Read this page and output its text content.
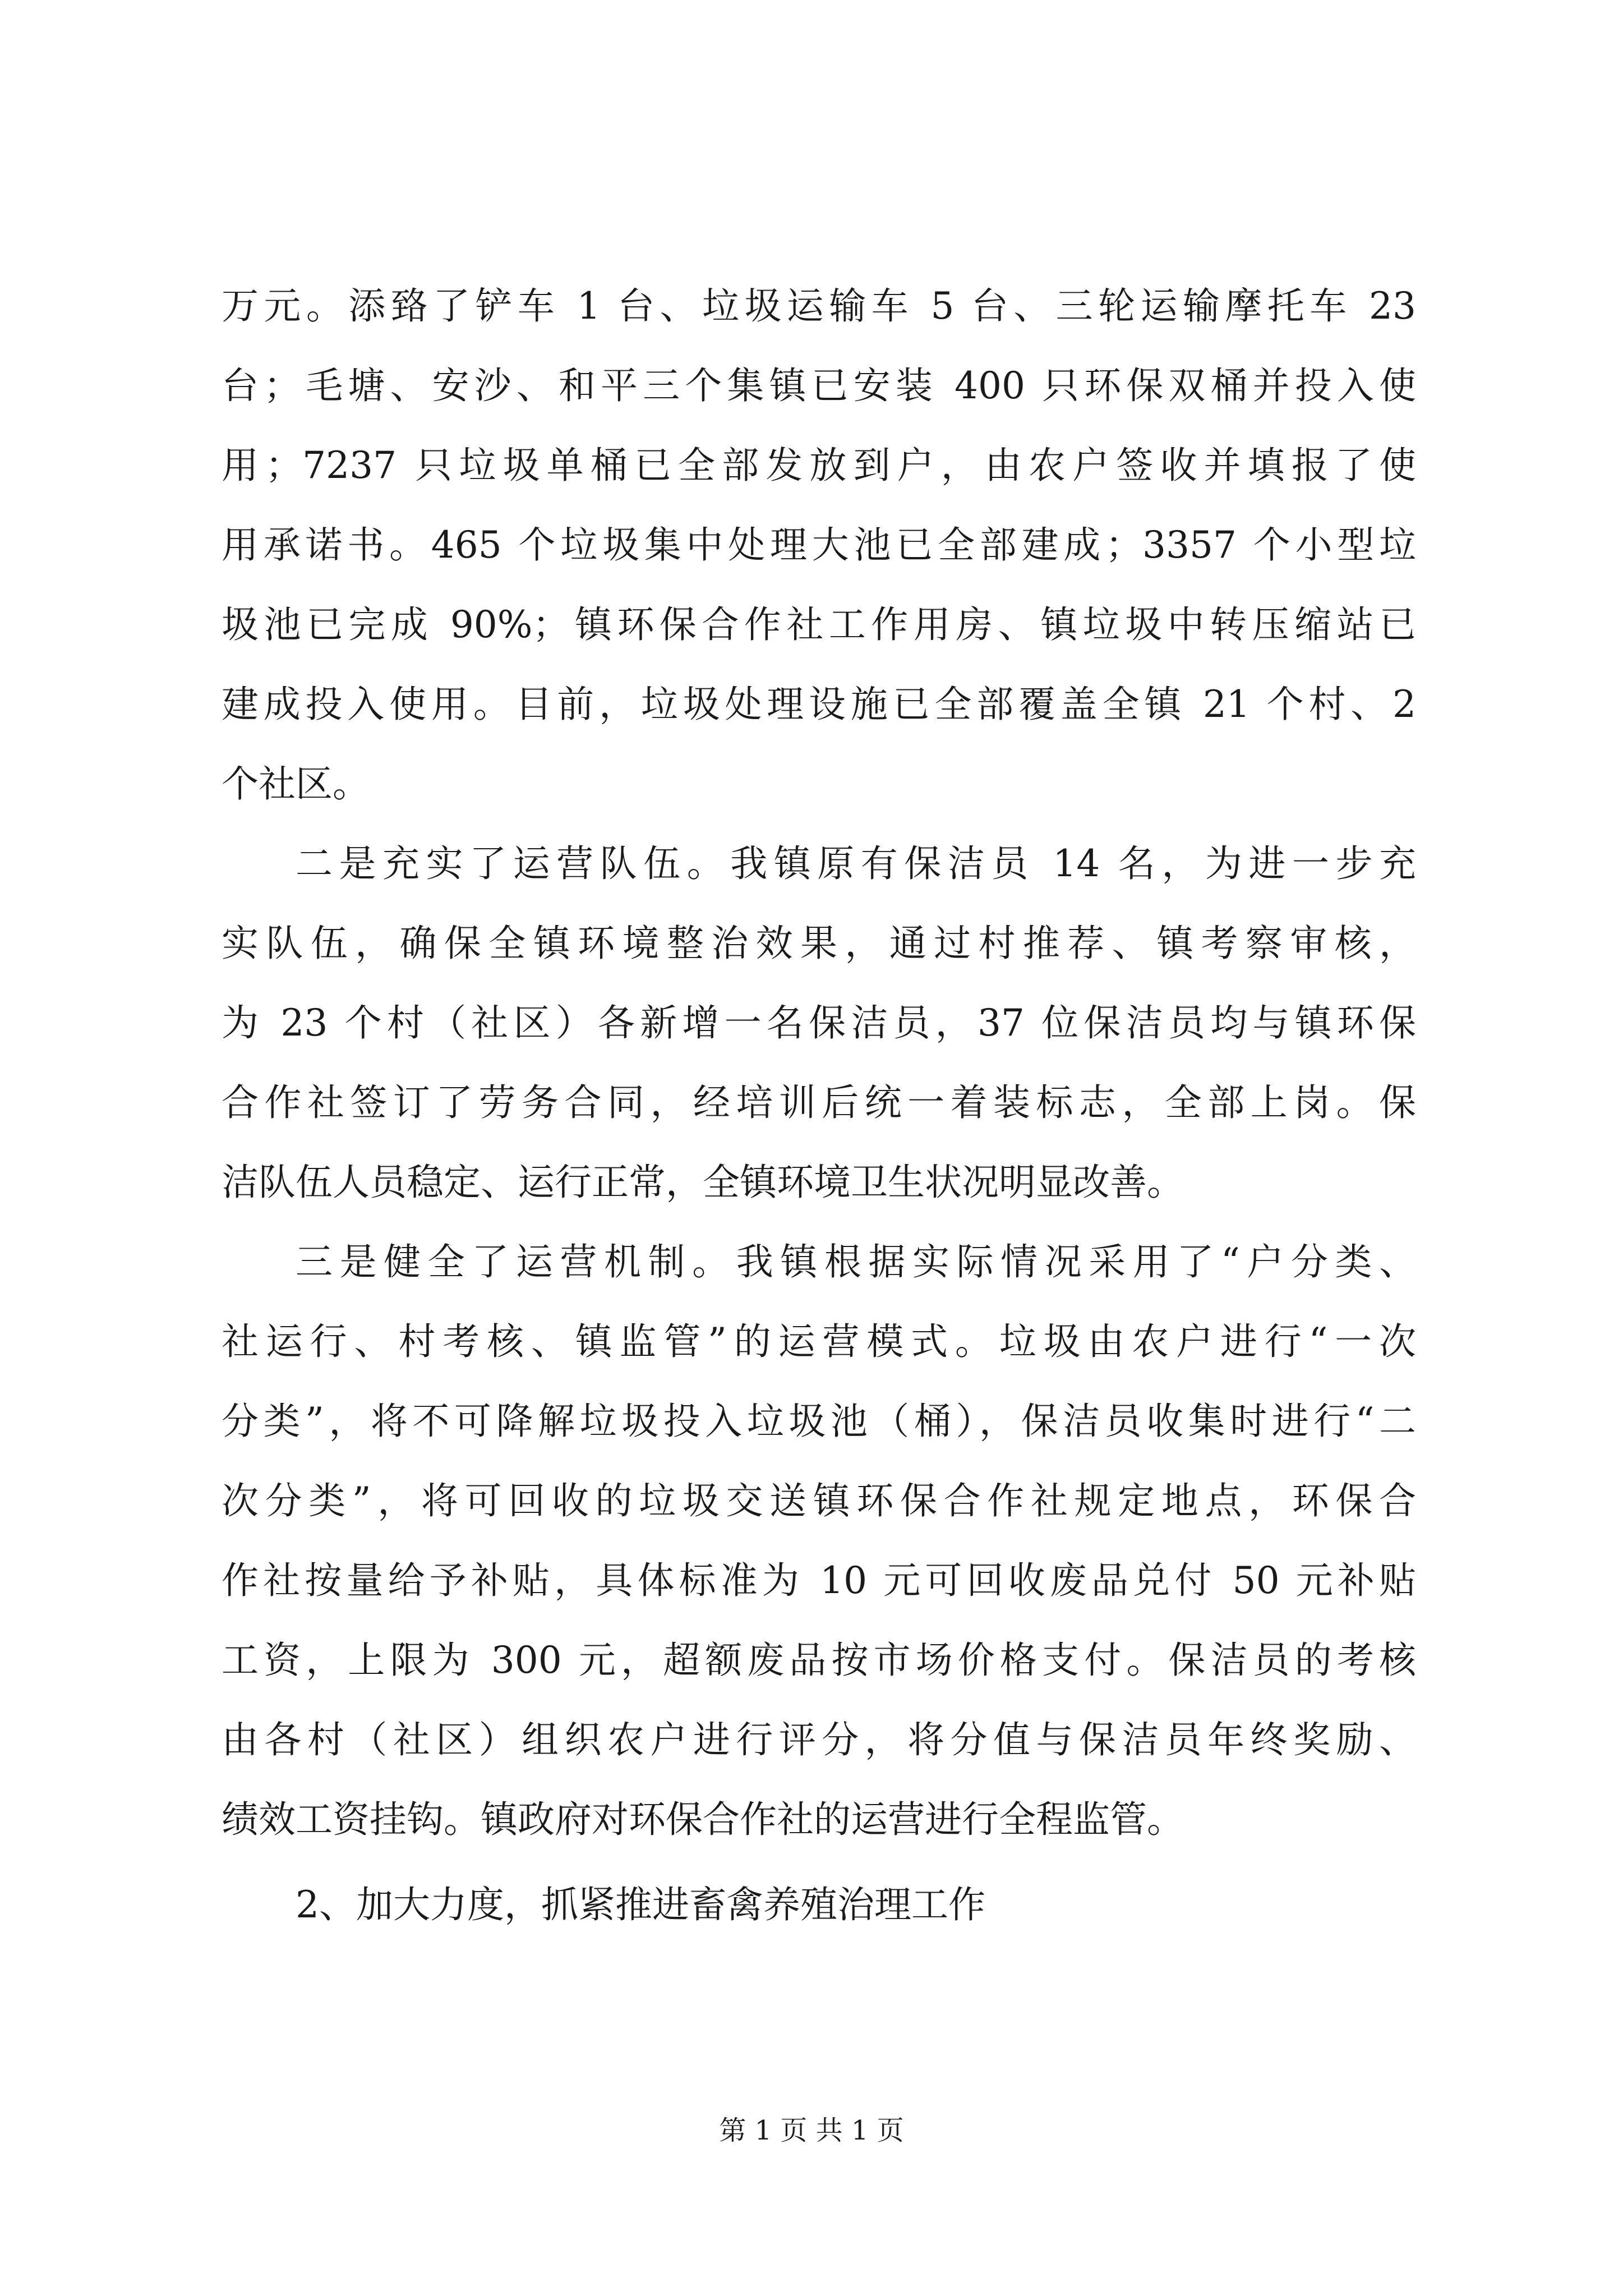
万元。添臵了铲车 1 台、垃圾运输车 5 台、三轮运输摩托车 23
台；毛塘、安沙、和平三个集镇已安装 400 只环保双桶并投入使
用；7237 只垃圾单桶已全部发放到户，由农户签收并填报了使
用承诺书。465 个垃圾集中处理大池已全部建成；3357 个小型垃
圾池已完成 90%；镇环保合作社工作用房、镇垃圾中转压缩站已
建成投入使用。目前，垃圾处理设施已全部覆盖全镇 21 个村、2
个社区。
二是充实了运营队伍。我镇原有保洁员 14 名，为进一步充
实队伍，确保全镇环境整治效果，通过村推荐、镇考察审核，
为 23 个村（社区）各新增一名保洁员，37 位保洁员均与镇环保
合作社签订了劳务合同，经培训后统一着装标志，全部上岗。保
洁队伍人员稳定、运行正常，全镇环境卫生状况明显改善。
三是健全了运营机制。我镇根据实际情况采用了“户分类、
社运行、村考核、镇监管”的运营模式。垃圾由农户进行“一次
分类”，将不可降解垃圾投入垃圾池（桶），保洁员收集时进行“二
次分类”，将可回收的垃圾交送镇环保合作社规定地点，环保合
作社按量给予补贴，具体标准为 10 元可回收废品兑付 50 元补贴
工资，上限为 300 元，超额废品按市场价格支付。保洁员的考核
由各村（社区）组织农户进行评分，将分值与保洁员年终奖励、
绩效工资挂钩。镇政府对环保合作社的运营进行全程监管。
2、加大力度，抓紧推进畜禽养殖治理工作
第 1 页 共 1 页
